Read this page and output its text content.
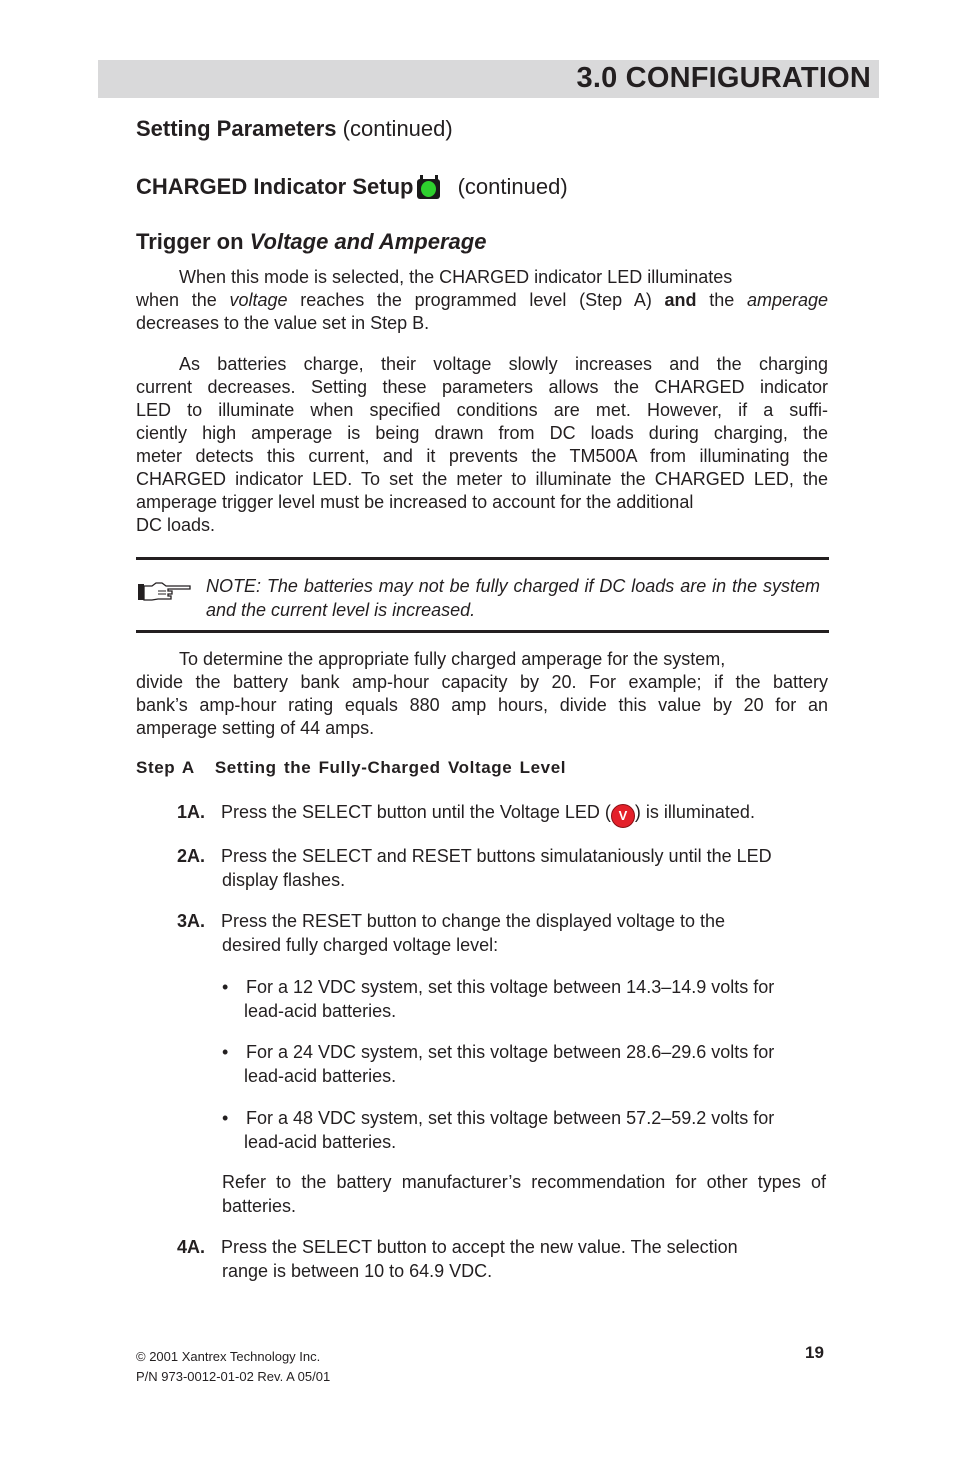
3.0 CONFIGURATION
Setting Parameters (continued)
CHARGED Indicator Setup
(continued)
Trigger on Voltage and Amperage
When this mode is selected, the CHARGED indicator LED illuminates
when the voltage reaches the programmed level (Step A) and the amperage
decreases to the value set in Step B.
As batteries charge, their voltage slowly increases and the charging
current decreases. Setting these parameters allows the CHARGED indicator
LED to illuminate when specified conditions are met. However, if a suffi-
ciently high amperage is being drawn from DC loads during charging, the
meter detects this current, and it prevents the TM500A from illuminating the
CHARGED indicator LED. To set the meter to illuminate the CHARGED LED, the
amperage trigger level must be increased to account for the additional
DC loads.
NOTE: The batteries may not be fully charged if DC loads are in the system and the current level is increased.
To determine the appropriate fully charged amperage for the system,
divide the battery bank amp-hour capacity by 20. For example; if the battery
bank’s amp-hour rating equals 880 amp hours, divide this value by 20 for an
amperage setting of 44 amps.
Step A Setting the Fully-Charged Voltage Level
1A. Press the SELECT button until the Voltage LED ( V ) is illuminated.
2A. Press the SELECT and RESET buttons simulataniously until the LED
display flashes.
3A. Press the RESET button to change the displayed voltage to the
desired fully charged voltage level:
• For a 12 VDC system, set this voltage between 14.3–14.9 volts for
lead-acid batteries.
• For a 24 VDC system, set this voltage between 28.6–29.6 volts for
lead-acid batteries.
• For a 48 VDC system, set this voltage between 57.2–59.2 volts for
lead-acid batteries.
Refer to the battery manufacturer’s recommendation for other types of batteries.
4A. Press the SELECT button to accept the new value. The selection
range is between 10 to 64.9 VDC.
© 2001 Xantrex Technology Inc.
P/N 973-0012-01-02 Rev. A 05/01
19
